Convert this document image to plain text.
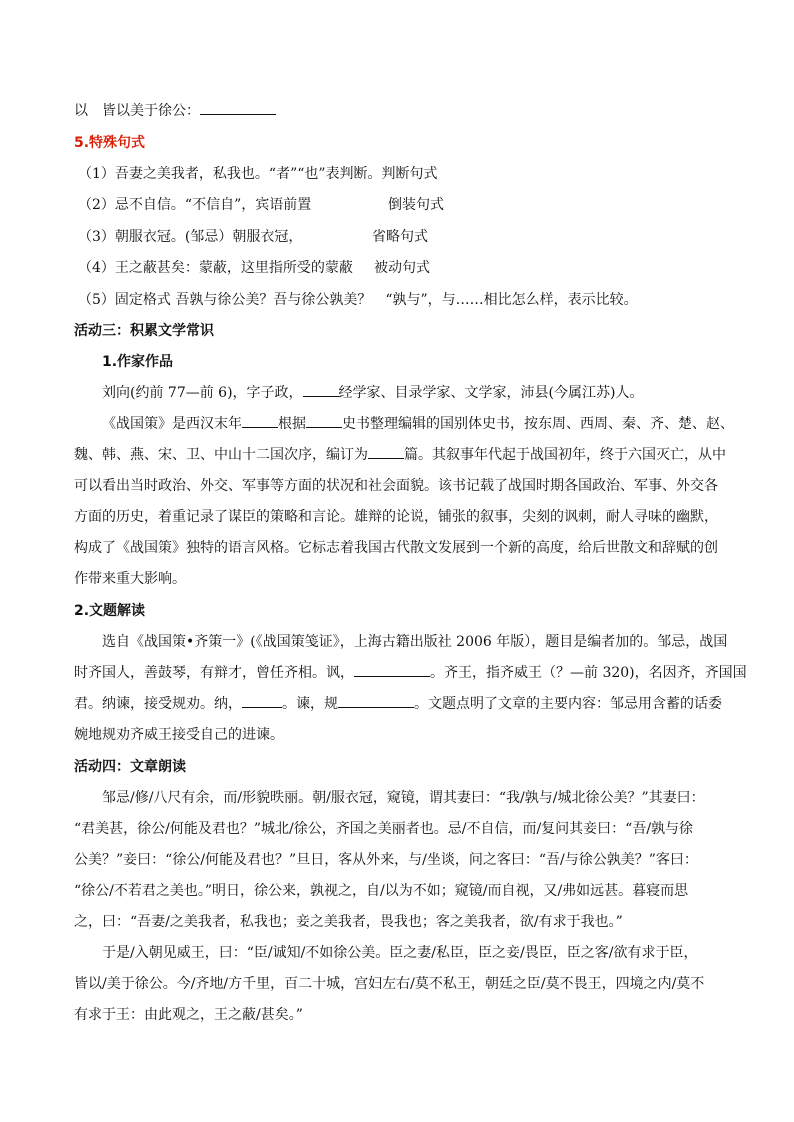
以　皆以美于徐公：
5.特殊句式
（1）吾妻之美我者，私我也。“者”“也”表判断。判断句式
（2）忌不自信。“不信自”，宾语前置	倒装句式
（3）朝服衣冠。(邹忌）朝服衣冠，	省略句式
（4）王之蔽甚矣：蒙蔽，这里指所受的蒙蔽 被动句式
（5）固定格式 吾孰与徐公美？吾与徐公孰美？　“孰与”，与……相比怎么样，表示比较。
活动三：积累文学常识
1.作家作品
刘向(约前 77—前 6)，字子政，	经学家、目录学家、文学家，沛县(今属江苏)人。
《战国策》是西汉末年	根据	史书整理编辑的国别体史书，按东周、西周、秦、齐、楚、赵、
魏、韩、燕、宋、卫、中山十二国次序，编订为	篇。其叙事年代起于战国初年，终于六国灭亡，从中
可以看出当时政治、外交、军事等方面的状况和社会面貌。该书记载了战国时期各国政治、军事、外交各
方面的历史，着重记录了谋臣的策略和言论。雄辩的论说，铺张的叙事，尖刻的讽刺，耐人寻味的幽默，
构成了《战国策》独特的语言风格。它标志着我国古代散文发展到一个新的高度，给后世散文和辞赋的创
作带来重大影响。
2.文题解读
选自《战国策•齐策一》(《战国策笺证》，上海古籍出版社 2006 年版），题目是编者加的。邹忌，战国
时齐国人，善鼓琴，有辩才，曾任齐相。讽，	。齐王，指齐威王（？—前 320)，名因齐，齐国国
君。纳谏，接受规劝。纳，	。谏，规	。文题点明了文章的主要内容：邹忌用含蓄的话委
婉地规劝齐威王接受自己的进谏。
活动四：文章朗读
邹忌/修/八尺有余，而/形貌昳丽。朝/服衣冠，窥镜，谓其妻曰：“我/孰与/城北徐公美？”其妻曰：
“君美甚，徐公/何能及君也？”城北/徐公，齐国之美丽者也。忌/不自信，而/复问其妾曰：“吾/孰与徐
公美？”妾曰：“徐公/何能及君也？”旦日，客从外来，与/坐谈，问之客曰：“吾/与徐公孰美？”客曰：
“徐公/不若君之美也。”明日，徐公来，孰视之，自/以为不如；窥镜/而自视，又/弗如远甚。暮寝而思
之，曰：“吾妻/之美我者，私我也；妾之美我者，畏我也；客之美我者，欲/有求于我也。”
于是/入朝见威王，曰：“臣/诚知/不如徐公美。臣之妻/私臣，臣之妾/畏臣，臣之客/欲有求于臣，
皆以/美于徐公。今/齐地/方千里，百二十城，宫妇左右/莫不私王，朝廷之臣/莫不畏王，四境之内/莫不
有求于王：由此观之，王之蔽/甚矣。”
